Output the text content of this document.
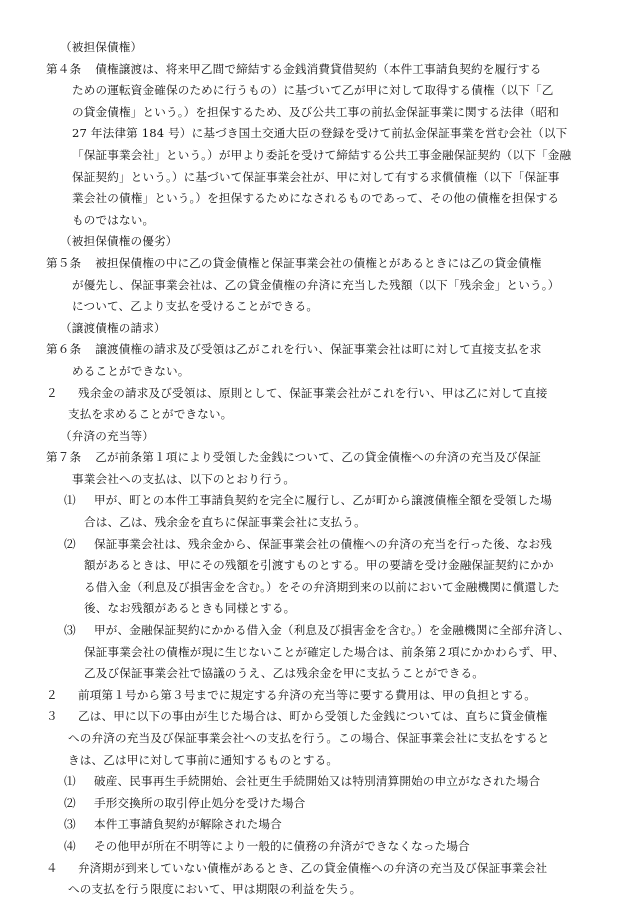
（被担保債権）
第４条 債権譲渡は、将来甲乙間で締結する金銭消費貸借契約（本件工事請負契約を履行する
ための運転資金確保のために行うもの）に基づいて乙が甲に対して取得する債権（以下「乙
の貸金債権」という。）を担保するため、及び公共工事の前払金保証事業に関する法律（昭和
27 年法律第 184 号）に基づき国土交通大臣の登録を受けて前払金保証事業を営む会社（以下
「保証事業会社」という。）が甲より委託を受けて締結する公共工事金融保証契約（以下「金融
保証契約」という。）に基づいて保証事業会社が、甲に対して有する求償債権（以下「保証事
業会社の債権」という。）を担保するためになされるものであって、その他の債権を担保する
ものではない。
（被担保債権の優劣）
第５条 被担保債権の中に乙の貸金債権と保証事業会社の債権とがあるときには乙の貸金債権
が優先し、保証事業会社は、乙の貸金債権の弁済に充当した残額（以下「残余金」という。）
について、乙より支払を受けることができる。
（譲渡債権の請求）
第６条 譲渡債権の請求及び受領は乙がこれを行い、保証事業会社は町に対して直接支払を求
めることができない。
２ 残余金の請求及び受領は、原則として、保証事業会社がこれを行い、甲は乙に対して直接
支払を求めることができない。
（弁済の充当等）
第７条 乙が前条第１項により受領した金銭について、乙の貸金債権への弁済の充当及び保証
事業会社への支払は、以下のとおり行う。
⑴ 甲が、町との本件工事請負契約を完全に履行し、乙が町から譲渡債権全額を受領した場
合は、乙は、残余金を直ちに保証事業会社に支払う。
⑵ 保証事業会社は、残余金から、保証事業会社の債権への弁済の充当を行った後、なお残
額があるときは、甲にその残額を引渡すものとする。甲の要請を受け金融保証契約にかか
る借入金（利息及び損害金を含む。）をその弁済期到来の以前において金融機関に償還した
後、なお残額があるときも同様とする。
⑶ 甲が、金融保証契約にかかる借入金（利息及び損害金を含む。）を金融機関に全部弁済し、
保証事業会社の債権が現に生じないことが確定した場合は、前条第２項にかかわらず、甲、
乙及び保証事業会社で協議のうえ、乙は残余金を甲に支払うことができる。
２ 前項第１号から第３号までに規定する弁済の充当等に要する費用は、甲の負担とする。
３ 乙は、甲に以下の事由が生じた場合は、町から受領した金銭については、直ちに貸金債権
への弁済の充当及び保証事業会社への支払を行う。この場合、保証事業会社に支払をすると
きは、乙は甲に対して事前に通知するものとする。
⑴ 破産、民事再生手続開始、会社更生手続開始又は特別清算開始の申立がなされた場合
⑵ 手形交換所の取引停止処分を受けた場合
⑶ 本件工事請負契約が解除された場合
⑷ その他甲が所在不明等により一般的に債務の弁済ができなくなった場合
４ 弁済期が到来していない債権があるとき、乙の貸金債権への弁済の充当及び保証事業会社
への支払を行う限度において、甲は期限の利益を失う。
